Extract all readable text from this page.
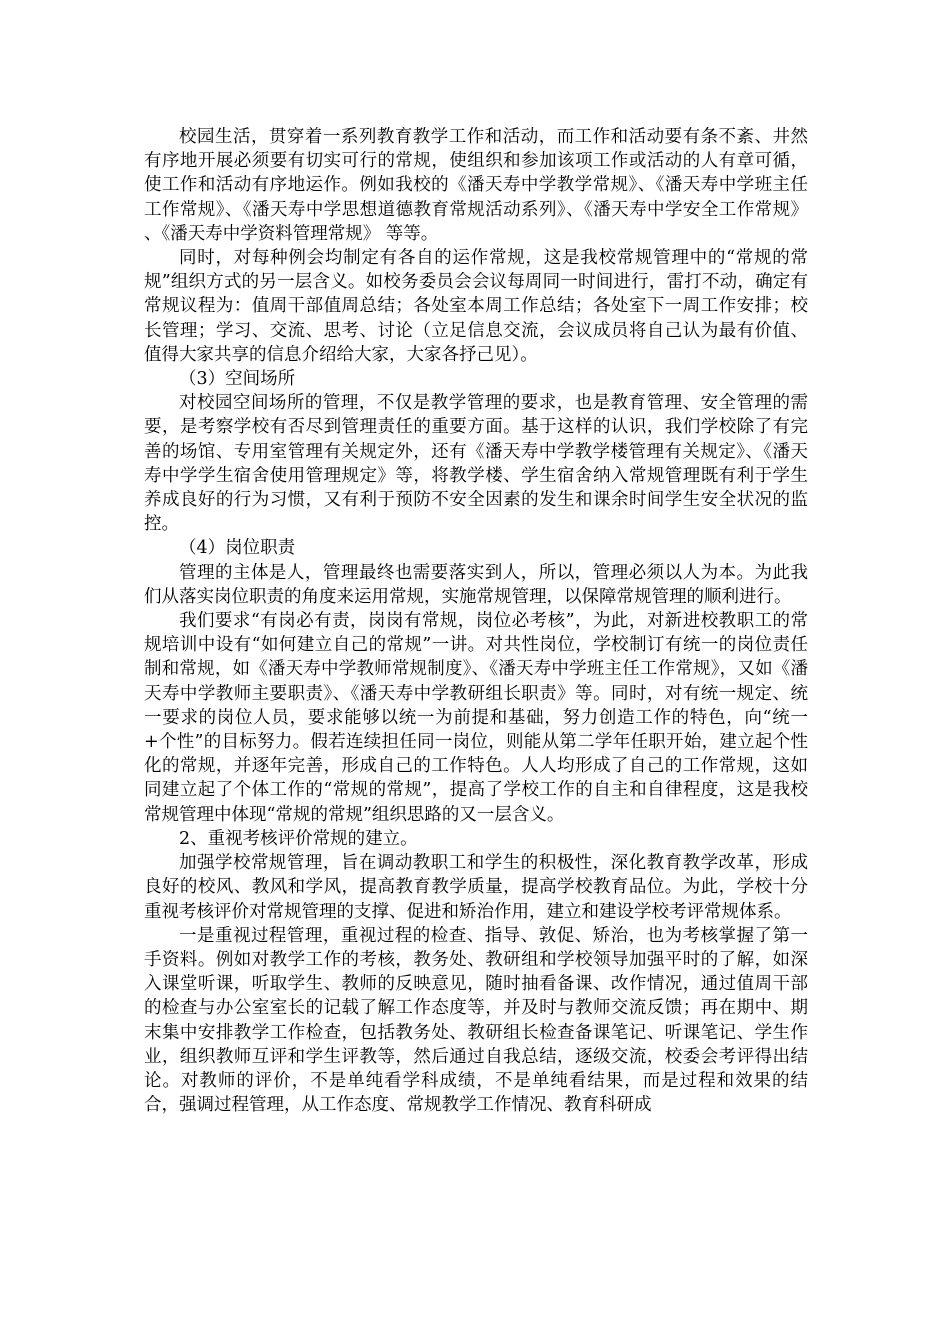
校园生活，贯穿着一系列教育教学工作和活动，而工作和活动要有条不紊、井然有序地开展必须要有切实可行的常规，使组织和参加该项工作或活动的人有章可循，使工作和活动有序地运作。例如我校的《潘天寿中学教学常规》、《潘天寿中学班主任工作常规》、《潘天寿中学思想道德教育常规活动系列》、《潘天寿中学安全工作常规》 、《潘天寿中学资料管理常规》 等等。

同时，对每种例会均制定有各自的运作常规，这是我校常规管理中的“常规的常规”组织方式的另一层含义。如校务委员会会议每周同一时间进行，雷打不动，确定有常规议程为：值周干部值周总结；各处室本周工作总结；各处室下一周工作安排；校长管理；学习、交流、思考、讨论（立足信息交流，会议成员将自己认为最有价值、值得大家共享的信息介绍给大家，大家各抒己见）。

（3）空间场所

对校园空间场所的管理，不仅是教学管理的要求，也是教育管理、安全管理的需要，是考察学校有否尽到管理责任的重要方面。基于这样的认识，我们学校除了有完善的场馆、专用室管理有关规定外，还有《潘天寿中学教学楼管理有关规定》、《潘天寿中学学生宿舍使用管理规定》等，将教学楼、学生宿舍纳入常规管理既有利于学生养成良好的行为习惯，又有利于预防不安全因素的发生和课余时间学生安全状况的监控。

（4）岗位职责

管理的主体是人，管理最终也需要落实到人，所以，管理必须以人为本。为此我们从落实岗位职责的角度来运用常规，实施常规管理，以保障常规管理的顺利进行。

我们要求“有岗必有责，岗岗有常规，岗位必考核”，为此，对新进校教职工的常规培训中设有“如何建立自己的常规”一讲。对共性岗位，学校制订有统一的岗位责任制和常规，如《潘天寿中学教师常规制度》、《潘天寿中学班主任工作常规》，又如《潘天寿中学教师主要职责》、《潘天寿中学教研组长职责》等。同时，对有统一规定、统一要求的岗位人员，要求能够以统一为前提和基础，努力创造工作的特色，向“统一+个性”的目标努力。假若连续担任同一岗位，则能从第二学年任职开始，建立起个性化的常规，并逐年完善，形成自己的工作特色。人人均形成了自己的工作常规，这如同建立起了个体工作的“常规的常规”，提高了学校工作的自主和自律程度，这是我校常规管理中体现“常规的常规”组织思路的又一层含义。

2、重视考核评价常规的建立。

加强学校常规管理，旨在调动教职工和学生的积极性，深化教育教学改革，形成良好的校风、教风和学风，提高教育教学质量，提高学校教育品位。为此，学校十分重视考核评价对常规管理的支撑、促进和矫治作用，建立和建设学校考评常规体系。

一是重视过程管理，重视过程的检查、指导、敦促、矫治，也为考核掌握了第一手资料。例如对教学工作的考核，教务处、教研组和学校领导加强平时的了解，如深入课堂听课，听取学生、教师的反映意见，随时抽看备课、改作情况，通过值周干部的检查与办公室室长的记载了解工作态度等，并及时与教师交流反馈；再在期中、期末集中安排教学工作检查，包括教务处、教研组长检查备课笔记、听课笔记、学生作业，组织教师互评和学生评教等，然后通过自我总结，逐级交流，校委会考评得出结论。对教师的评价，不是单纯看学科成绩，不是单纯看结果，而是过程和效果的结合，强调过程管理，从工作态度、常规教学工作情况、教育科研成
